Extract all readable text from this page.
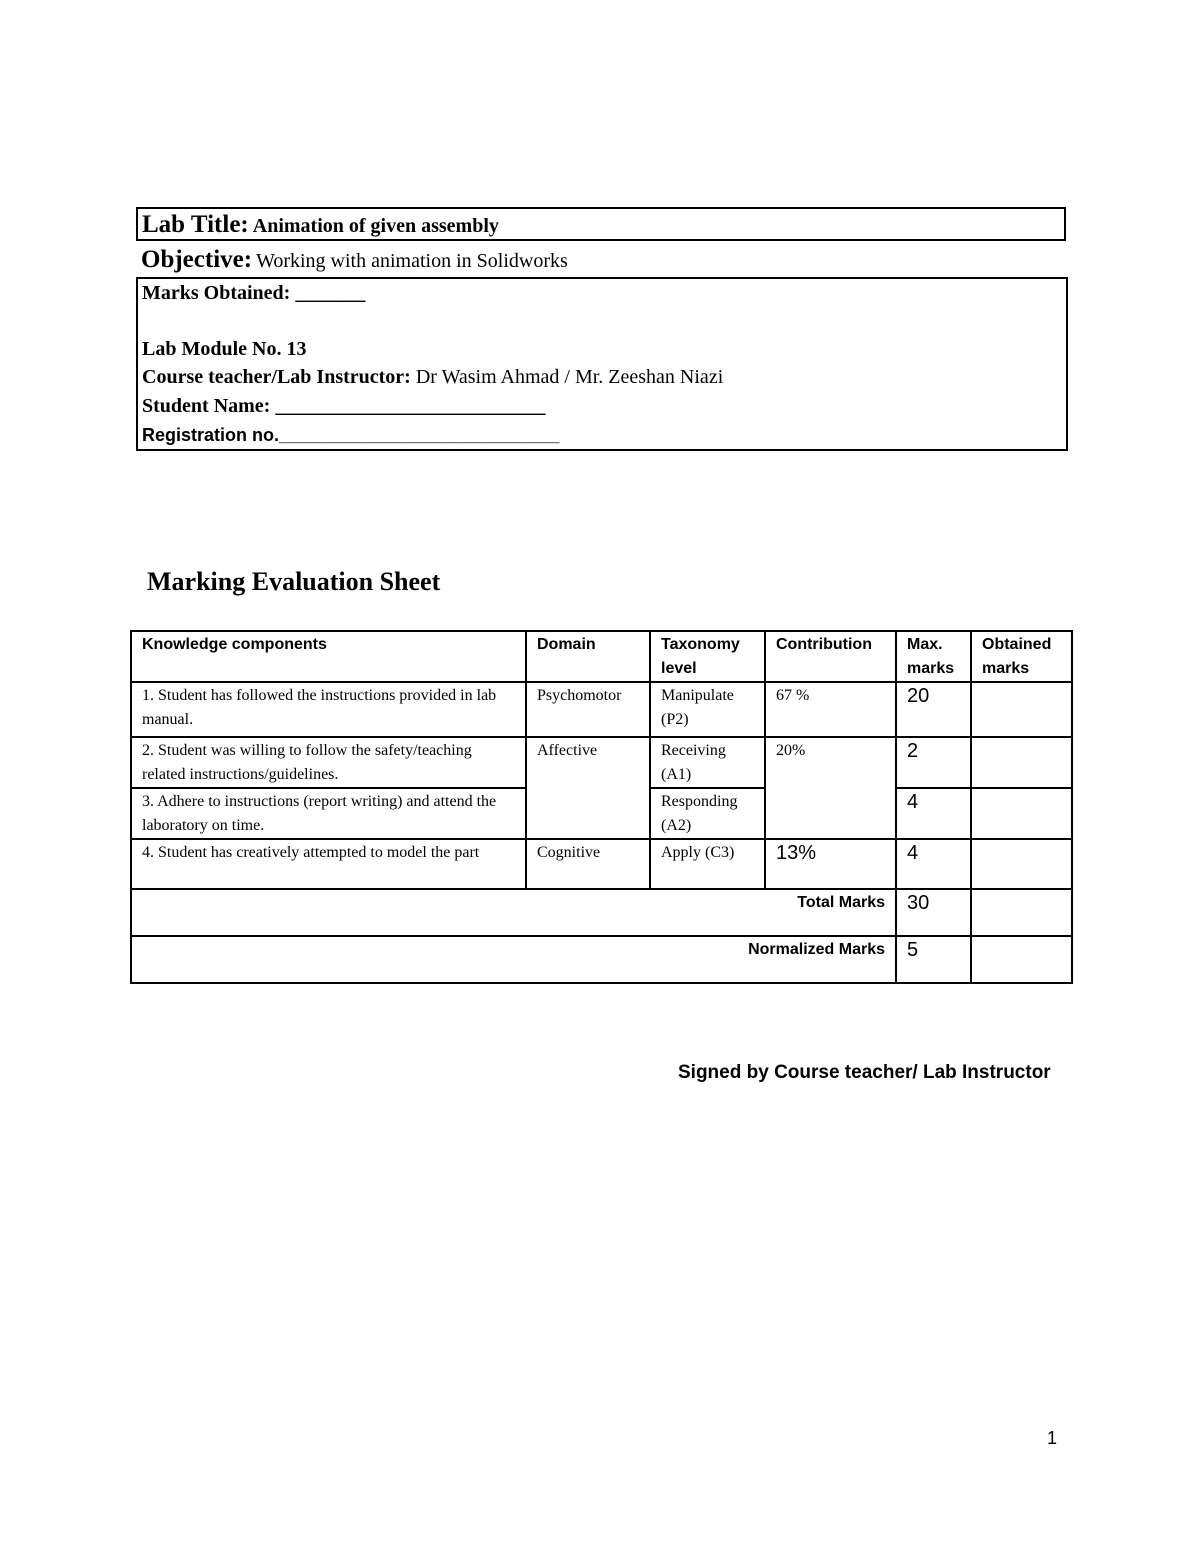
Lab Title: Animation of given assembly
Objective: Working with animation in Solidworks
Marks Obtained: _______
Lab Module No. 13
Course teacher/Lab Instructor: Dr Wasim Ahmad / Mr. Zeeshan Niazi
Student Name: ___________________________
Registration no.____________________________
Marking Evaluation Sheet
Knowledge components	Domain	Taxonomy level	Contribution	Max. marks	Obtained marks
1. Student has followed the instructions provided in lab manual.	Psychomotor	Manipulate (P2)	67 %	20	
2. Student was willing to follow the safety/teaching related instructions/guidelines.	Affective	Receiving (A1)	20%	2	
3. Adhere to instructions (report writing) and attend the laboratory on time.		Responding (A2)		4	
4. Student has creatively attempted to model the part	Cognitive	Apply (C3)	13%	4	
Total Marks				30	
Normalized Marks				5	
Signed by Course teacher/ Lab Instructor
1
